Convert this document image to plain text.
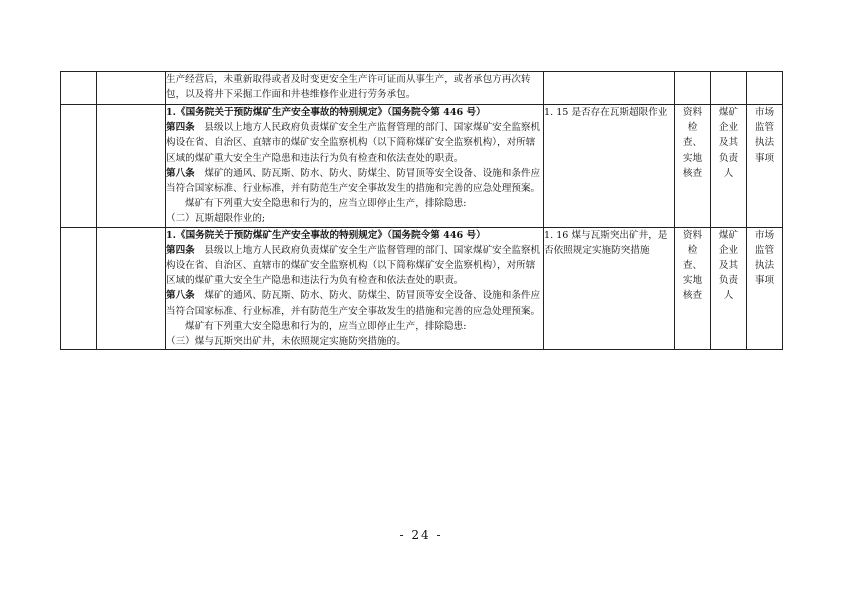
		生产经营后，未重新取得或者及时变更安全生产许可证而从事生产，或者承包方再次转包，以及将井下采掘工作面和井巷维修作业进行劳务承包。				

		1.《国务院关于预防煤矿生产安全事故的特别规定》（国务院令第 446 号）

第四条　县级以上地方人民政府负责煤矿安全生产监督管理的部门、国家煤矿安全监察机构设在省、自治区、直辖市的煤矿安全监察机构（以下简称煤矿安全监察机构），对所辖区域的煤矿重大安全生产隐患和违法行为负有检查和依法查处的职责。

第八条　煤矿的通风、防瓦斯、防水、防火、防煤尘、防冒顶等安全设备、设施和条件应当符合国家标准、行业标准，并有防范生产安全事故发生的措施和完善的应急处理预案。

煤矿有下列重大安全隐患和行为的，应当立即停止生产，排除隐患:

（二）瓦斯超限作业的;	1. 15 是否存在瓦斯超限作业	资料检查、实地核查	煤矿企业及其负责人	市场监管执法事项

		1.《国务院关于预防煤矿生产安全事故的特别规定》（国务院令第 446 号）

第四条　县级以上地方人民政府负责煤矿安全生产监督管理的部门、国家煤矿安全监察机构设在省、自治区、直辖市的煤矿安全监察机构（以下简称煤矿安全监察机构），对所辖区域的煤矿重大安全生产隐患和违法行为负有检查和依法查处的职责。

第八条　煤矿的通风、防瓦斯、防水、防火、防煤尘、防冒顶等安全设备、设施和条件应当符合国家标准、行业标准，并有防范生产安全事故发生的措施和完善的应急处理预案。

煤矿有下列重大安全隐患和行为的，应当立即停止生产，排除隐患:

（三）煤与瓦斯突出矿井，未依照规定实施防突措施的。	1. 16 煤与瓦斯突出矿井，是否依照规定实施防突措施	资料检查、实地核查	煤矿企业及其负责人	市场监管执法事项
- 24 -
